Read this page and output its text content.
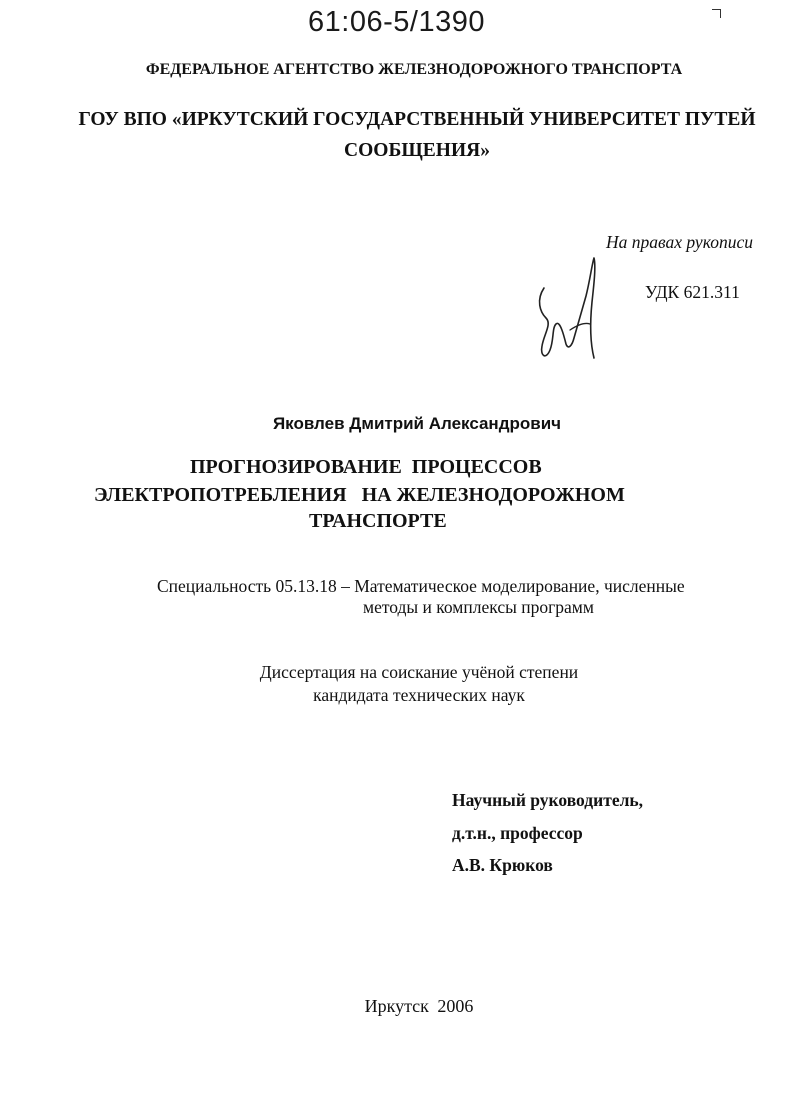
61:06-5/1390
ФЕДЕРАЛЬНОЕ АГЕНТСТВО ЖЕЛЕЗНОДОРОЖНОГО ТРАНСПОРТА
ГОУ ВПО «ИРКУТСКИЙ ГОСУДАРСТВЕННЫЙ УНИВЕРСИТЕТ ПУТЕЙ
СООБЩЕНИЯ»
На правах рукописи
УДК 621.311
Яковлев Дмитрий Александрович
ПРОГНОЗИРОВАНИЕ  ПРОЦЕССОВ
ЭЛЕКТРОПОТРЕБЛЕНИЯ   НА ЖЕЛЕЗНОДОРОЖНОМ
ТРАНСПОРТЕ
Специальность 05.13.18 – Математическое моделирование, численные
методы и комплексы программ
Диссертация на соискание учёной степени
кандидата технических наук
Научный руководитель,
д.т.н., профессор
А.В. Крюков
Иркутск 2006
